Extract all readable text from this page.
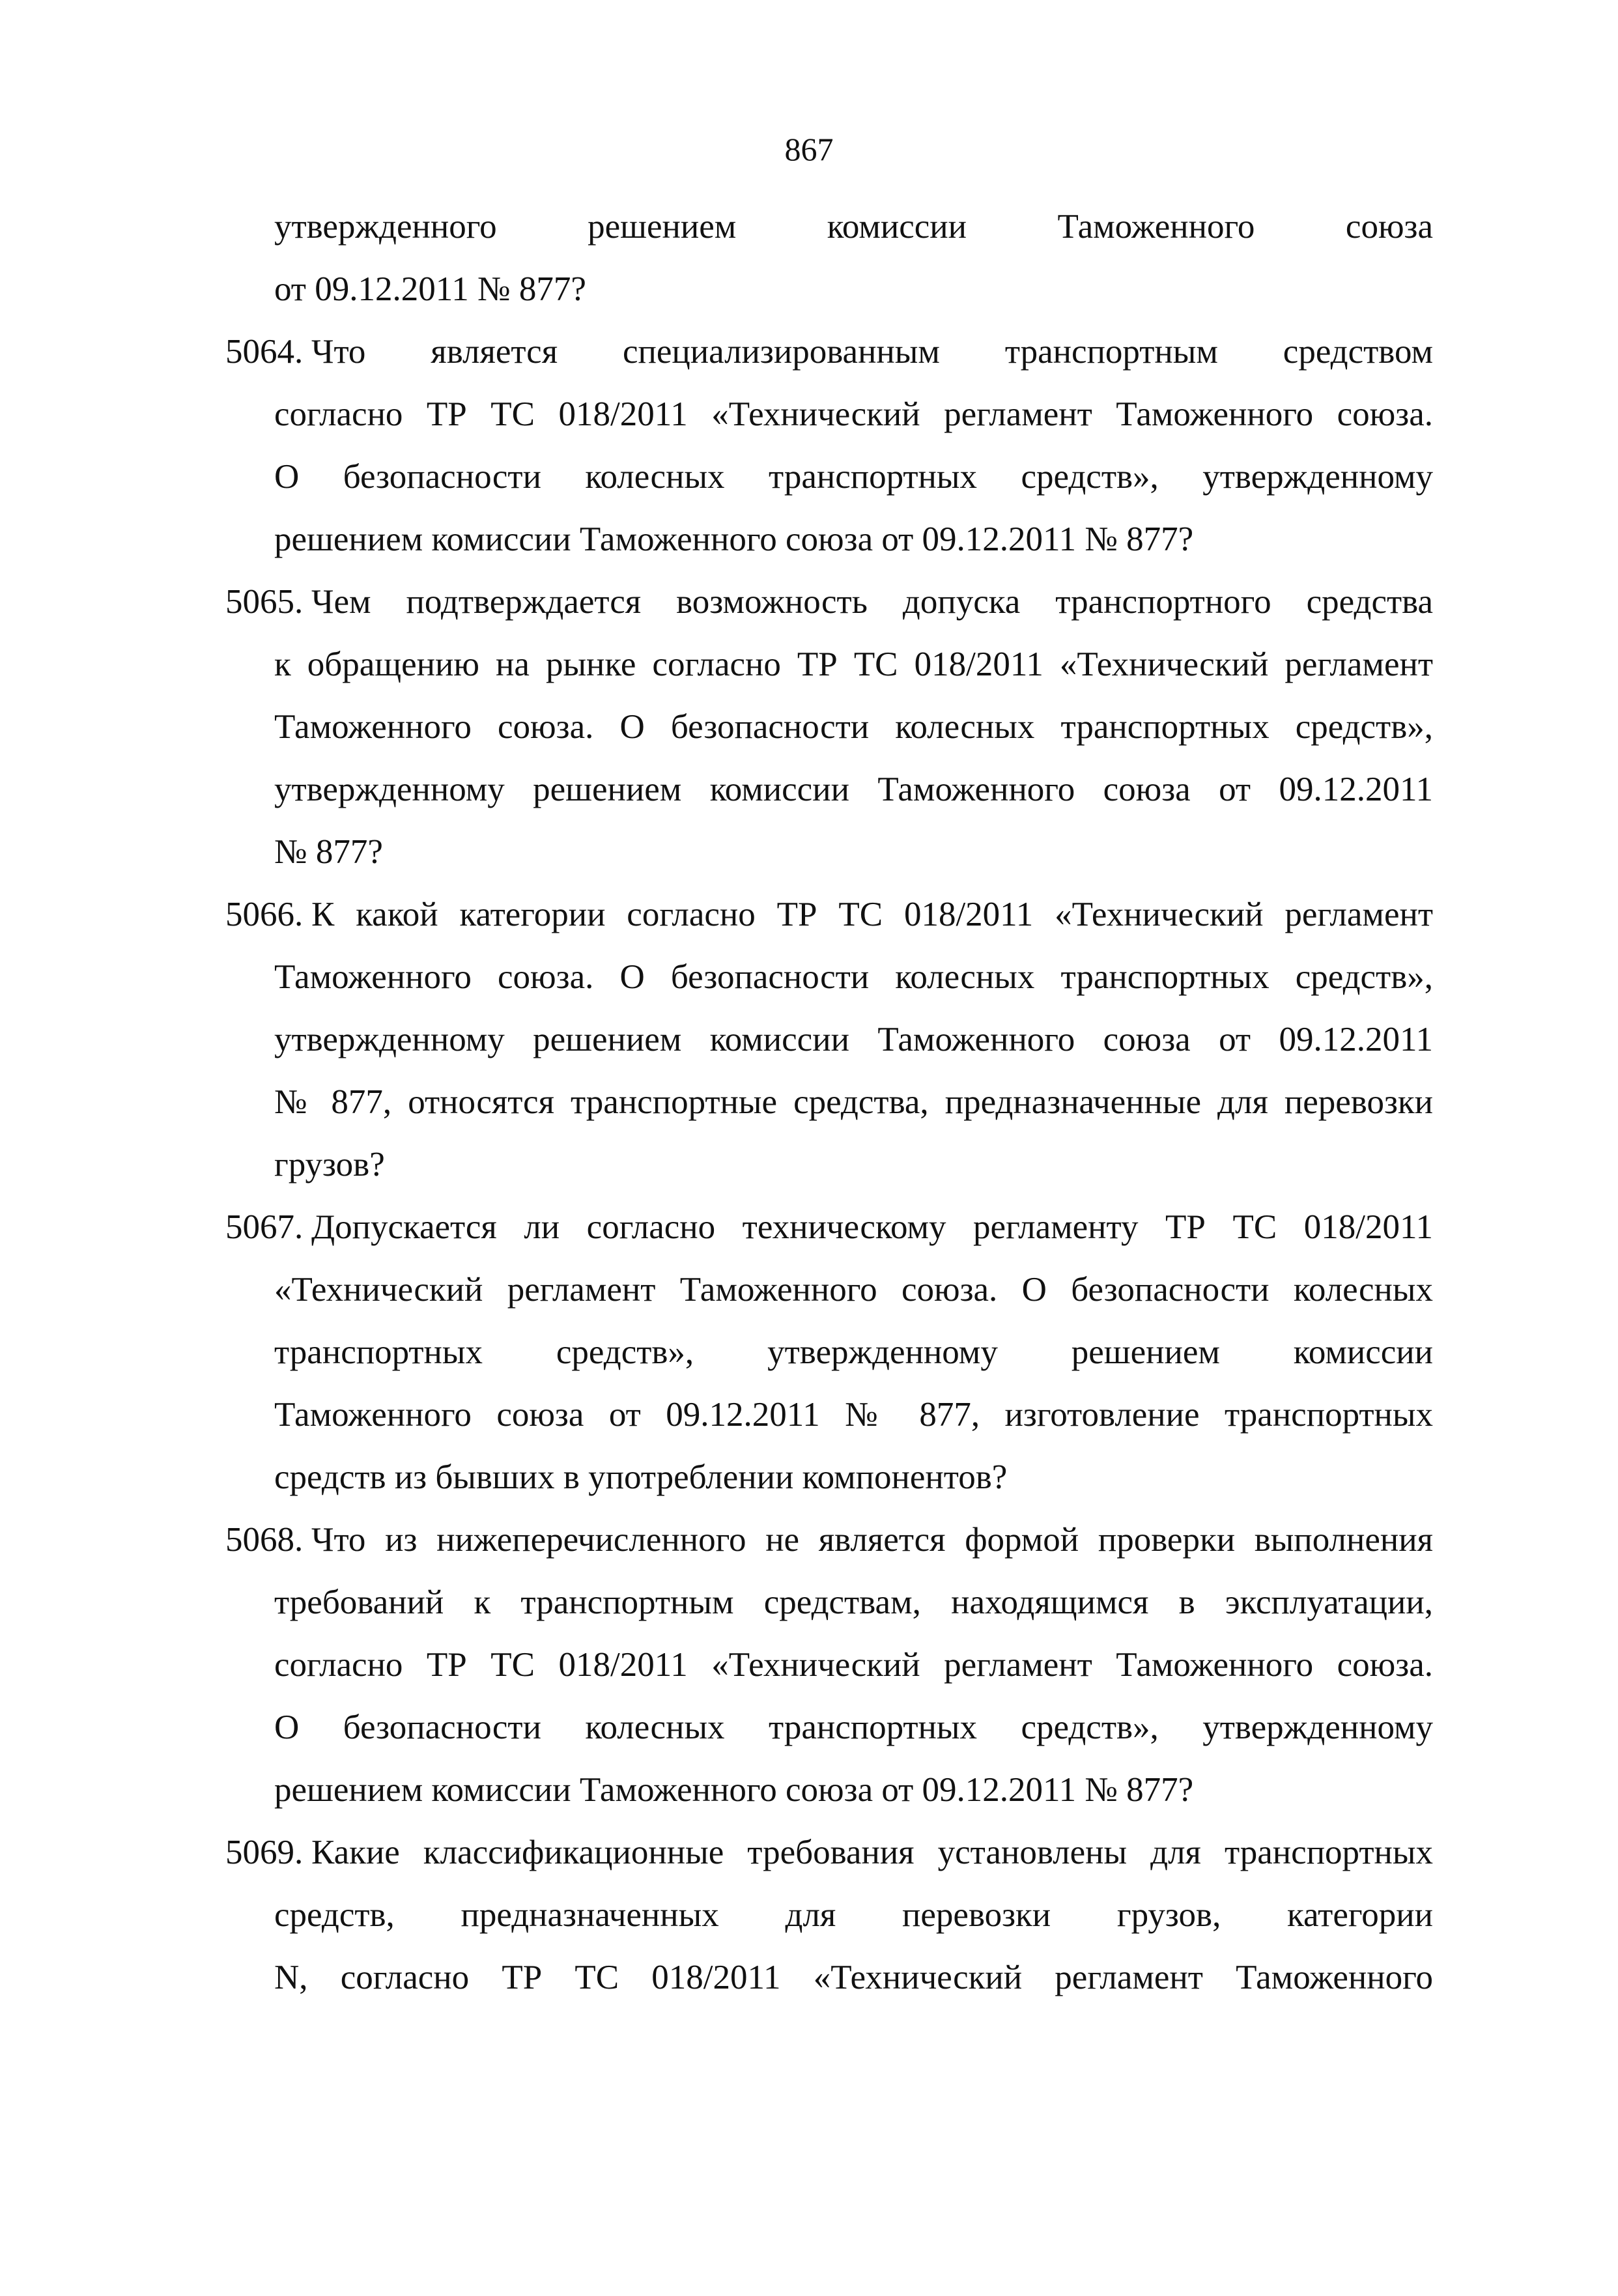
867
утвержденного решением комиссии Таможенного союза
от 09.12.2011 № 877?
5064. Что является специализированным транспортным средством
согласно ТР ТС 018/2011 «Технический регламент Таможенного союза.
О безопасности колесных транспортных средств», утвержденному
решением комиссии Таможенного союза от 09.12.2011 № 877?
5065. Чем подтверждается возможность допуска транспортного средства
к обращению на рынке согласно ТР ТС 018/2011 «Технический регламент
Таможенного союза. О безопасности колесных транспортных средств»,
утвержденному решением комиссии Таможенного союза от 09.12.2011
№ 877?
5066. К какой категории согласно ТР ТС 018/2011 «Технический регламент
Таможенного союза. О безопасности колесных транспортных средств»,
утвержденному решением комиссии Таможенного союза от 09.12.2011
№ 877, относятся транспортные средства, предназначенные для перевозки
грузов?
5067. Допускается ли согласно техническому регламенту ТР ТС 018/2011
«Технический регламент Таможенного союза. О безопасности колесных
транспортных средств», утвержденному решением комиссии
Таможенного союза от 09.12.2011 № 877, изготовление транспортных
средств из бывших в употреблении компонентов?
5068. Что из нижеперечисленного не является формой проверки выполнения
требований к транспортным средствам, находящимся в эксплуатации,
согласно ТР ТС 018/2011 «Технический регламент Таможенного союза.
О безопасности колесных транспортных средств», утвержденному
решением комиссии Таможенного союза от 09.12.2011 № 877?
5069. Какие классификационные требования установлены для транспортных
средств, предназначенных для перевозки грузов, категории
N, согласно ТР ТС 018/2011 «Технический регламент Таможенного
